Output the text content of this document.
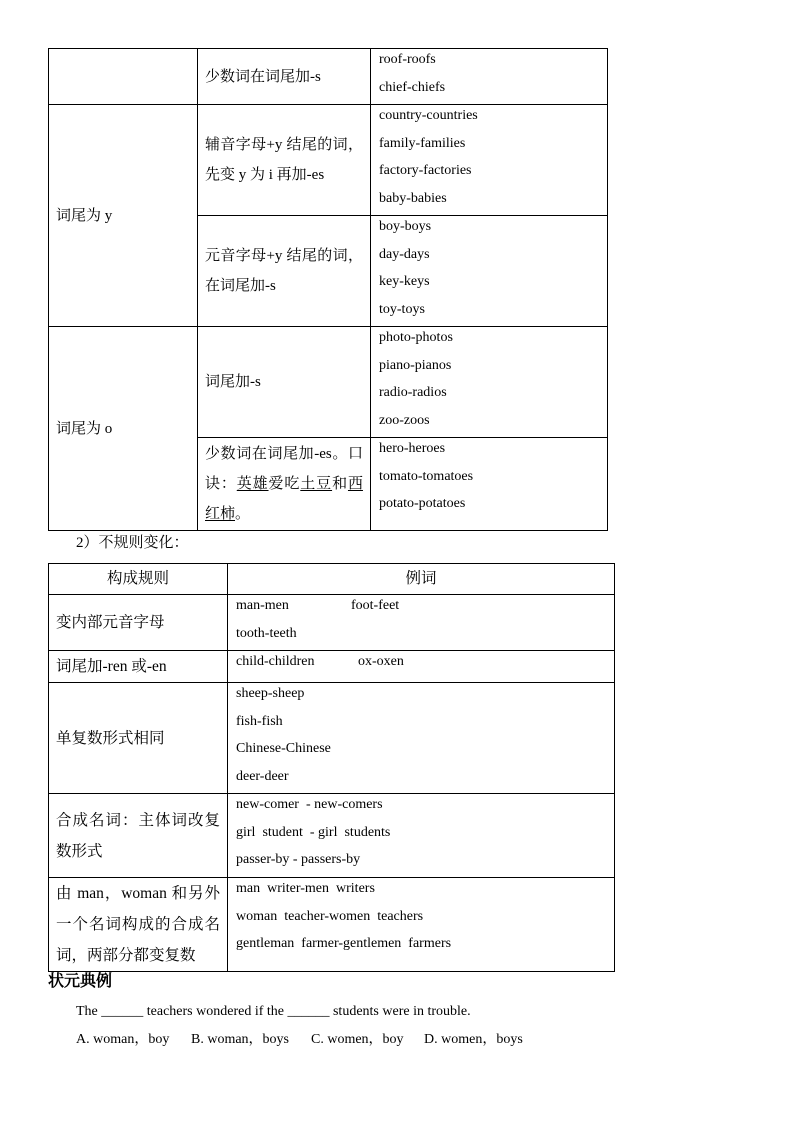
	少数词在词尾加-s	roof-roofs
chief-chiefs

词尾为 y	辅音字母+y 结尾的词，先变 y 为 i 再加-es	country-countries
family-families
factory-factories
baby-babies

	元音字母+y 结尾的词，在词尾加-s	boy-boys
day-days
key-keys
toy-toys

词尾为 o	词尾加-s	photo-photos
piano-pianos
radio-radios
zoo-zoos

	少数词在词尾加-es。口诀：英雄爱吃土豆和西红柿。	hero-heroes
tomato-tomatoes
potato-potatoes
2）不规则变化：
构成规则	例词
变内部元音字母	man-men foot-feet
tooth-teeth

词尾加-ren 或-en	child-children ox-oxen

单复数形式相同	sheep-sheep
fish-fish
Chinese-Chinese
deer-deer

合成名词：主体词改复数形式	new-comer  - new-comers
girl  student  - girl  students
passer-by - passers-by

由 man，woman 和另外一个名词构成的合成名词，两部分都变复数	man  writer-men  writers
woman  teacher-women  teachers
gentleman  farmer-gentlemen  farmers
状元典例
The ______ teachers wondered if the ______ students were in trouble.
A. woman，boy	B. woman，boys	C. women，boy	D. women，boys
